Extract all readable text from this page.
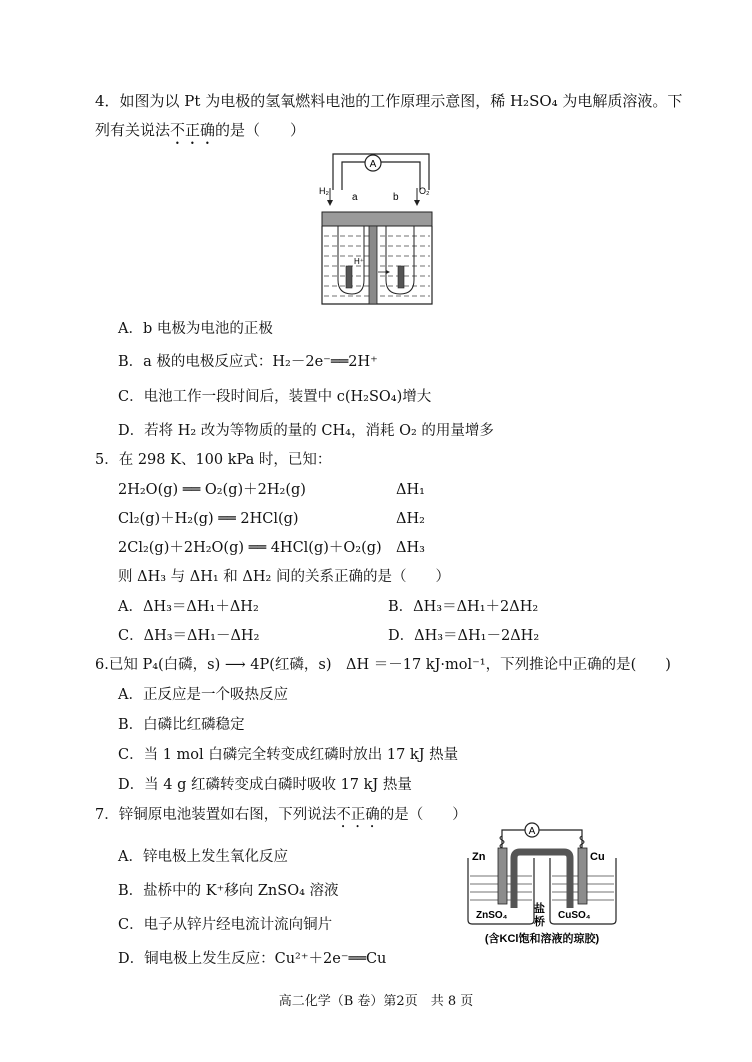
4．如图为以 Pt 为电极的氢氧燃料电池的工作原理示意图，稀 H₂SO₄ 为电解质溶液。下
列有关说法不正确的是（　　）
A
H₂	O₂
a	b
H⁺
A．b 电极为电池的正极
B．a 极的电极反应式：H₂－2e⁻══2H⁺
C．电池工作一段时间后，装置中 c(H₂SO₄)增大
D．若将 H₂ 改为等物质的量的 CH₄，消耗 O₂ 的用量增多
5．在 298 K、100 kPa 时，已知：
2H₂O(g) ══ O₂(g)＋2H₂(g)	ΔH₁
Cl₂(g)＋H₂(g) ══ 2HCl(g)	ΔH₂
2Cl₂(g)＋2H₂O(g) ══ 4HCl(g)＋O₂(g) ΔH₃
则 ΔH₃ 与 ΔH₁ 和 ΔH₂ 间的关系正确的是（　　）
A．ΔH₃＝ΔH₁＋ΔH₂	B．ΔH₃＝ΔH₁＋2ΔH₂
C．ΔH₃＝ΔH₁－ΔH₂	D．ΔH₃＝ΔH₁－2ΔH₂
6.已知 P₄(白磷，s) ⟶ 4P(红磷，s)　ΔH ＝－17 kJ·mol⁻¹，下列推论中正确的是(　　)
A．正反应是一个吸热反应
B．白磷比红磷稳定
C．当 1 mol 白磷完全转变成红磷时放出 17 kJ 热量
D．当 4 g 红磷转变成白磷时吸收 17 kJ 热量
7．锌铜原电池装置如右图，下列说法不正确的是（　　）
A．锌电极上发生氧化反应
B．盐桥中的 K⁺移向 ZnSO₄ 溶液
C．电子从锌片经电流计流向铜片
D．铜电极上发生反应：Cu²⁺＋2e⁻══Cu
A
Zn	Cu
ZnSO₄	CuSO₄
盐
桥
(含KCl饱和溶液的琼胶)
高二化学（B 卷）第2页　共 8 页
